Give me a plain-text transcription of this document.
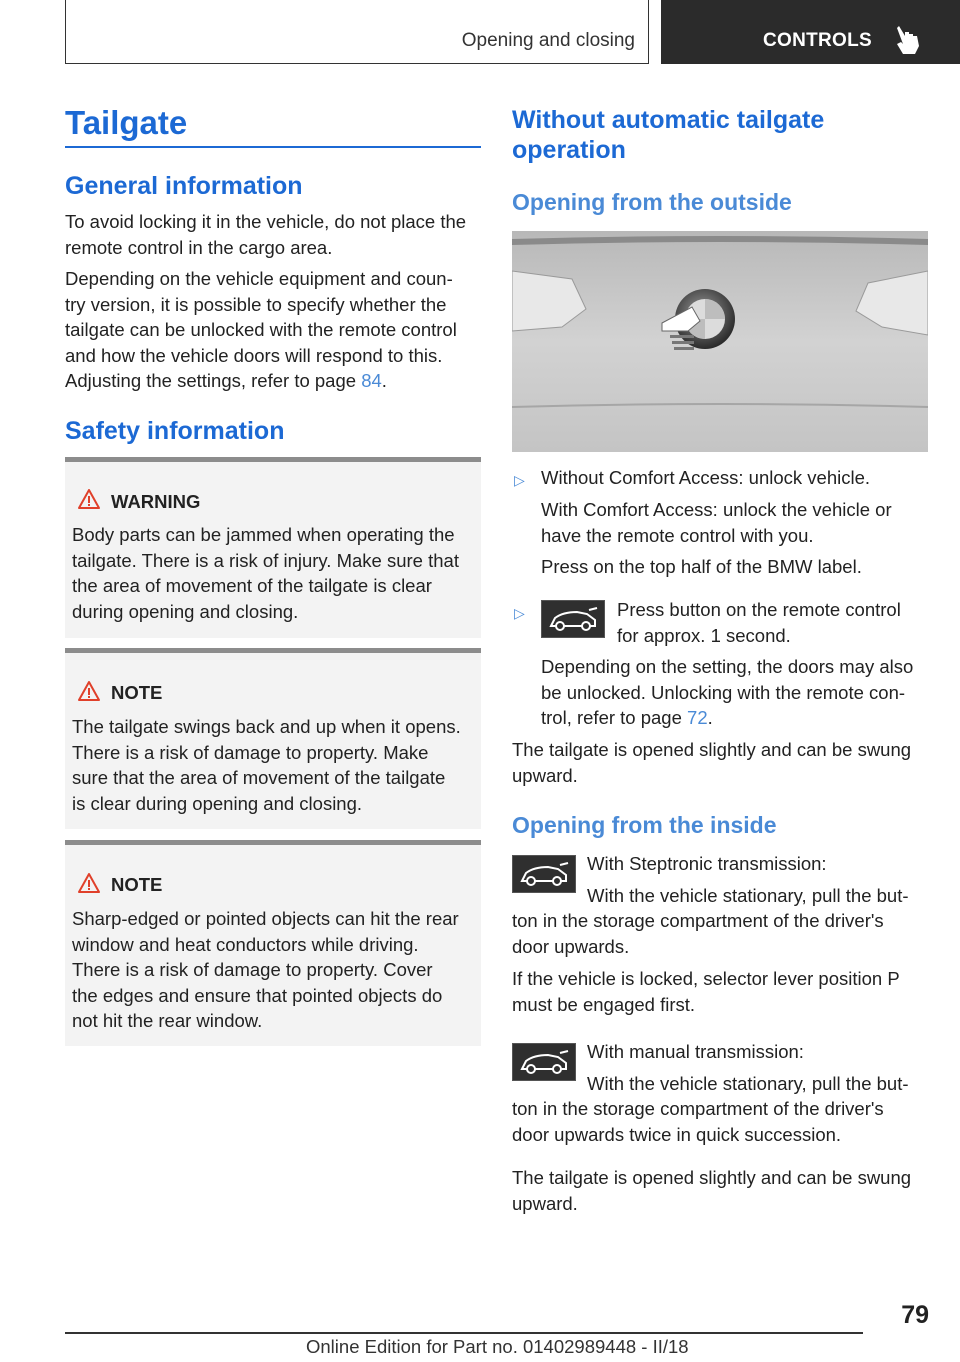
Opening and closing	CONTROLS
Tailgate
General information
To avoid locking it in the vehicle, do not place the
remote control in the cargo area.
Depending on the vehicle equipment and coun‐
try version, it is possible to specify whether the
tailgate can be unlocked with the remote control
and how the vehicle doors will respond to this.
Adjusting the settings, refer to page 84.
Safety information
WARNING
Body parts can be jammed when operating the
tailgate. There is a risk of injury. Make sure that
the area of movement of the tailgate is clear
during opening and closing.
NOTE
The tailgate swings back and up when it opens.
There is a risk of damage to property. Make
sure that the area of movement of the tailgate
is clear during opening and closing.
NOTE
Sharp-edged or pointed objects can hit the rear
window and heat conductors while driving.
There is a risk of damage to property. Cover
the edges and ensure that pointed objects do
not hit the rear window.
Without automatic tailgate
operation
Opening from the outside
▷ Without Comfort Access: unlock vehicle.
With Comfort Access: unlock the vehicle or
have the remote control with you.
Press on the top half of the BMW label.
▷	Press button on the remote control
for approx. 1 second.
Depending on the setting, the doors may also
be unlocked. Unlocking with the remote con‐
trol, refer to page 72.
The tailgate is opened slightly and can be swung
upward.
Opening from the inside
With Steptronic transmission:
With the vehicle stationary, pull the but‐
ton in the storage compartment of the driver's
door upwards.
If the vehicle is locked, selector lever position P
must be engaged first.
With manual transmission:
With the vehicle stationary, pull the but‐
ton in the storage compartment of the driver's
door upwards twice in quick succession.
The tailgate is opened slightly and can be swung
upward.
79
Online Edition for Part no. 01402989448 - II/18
